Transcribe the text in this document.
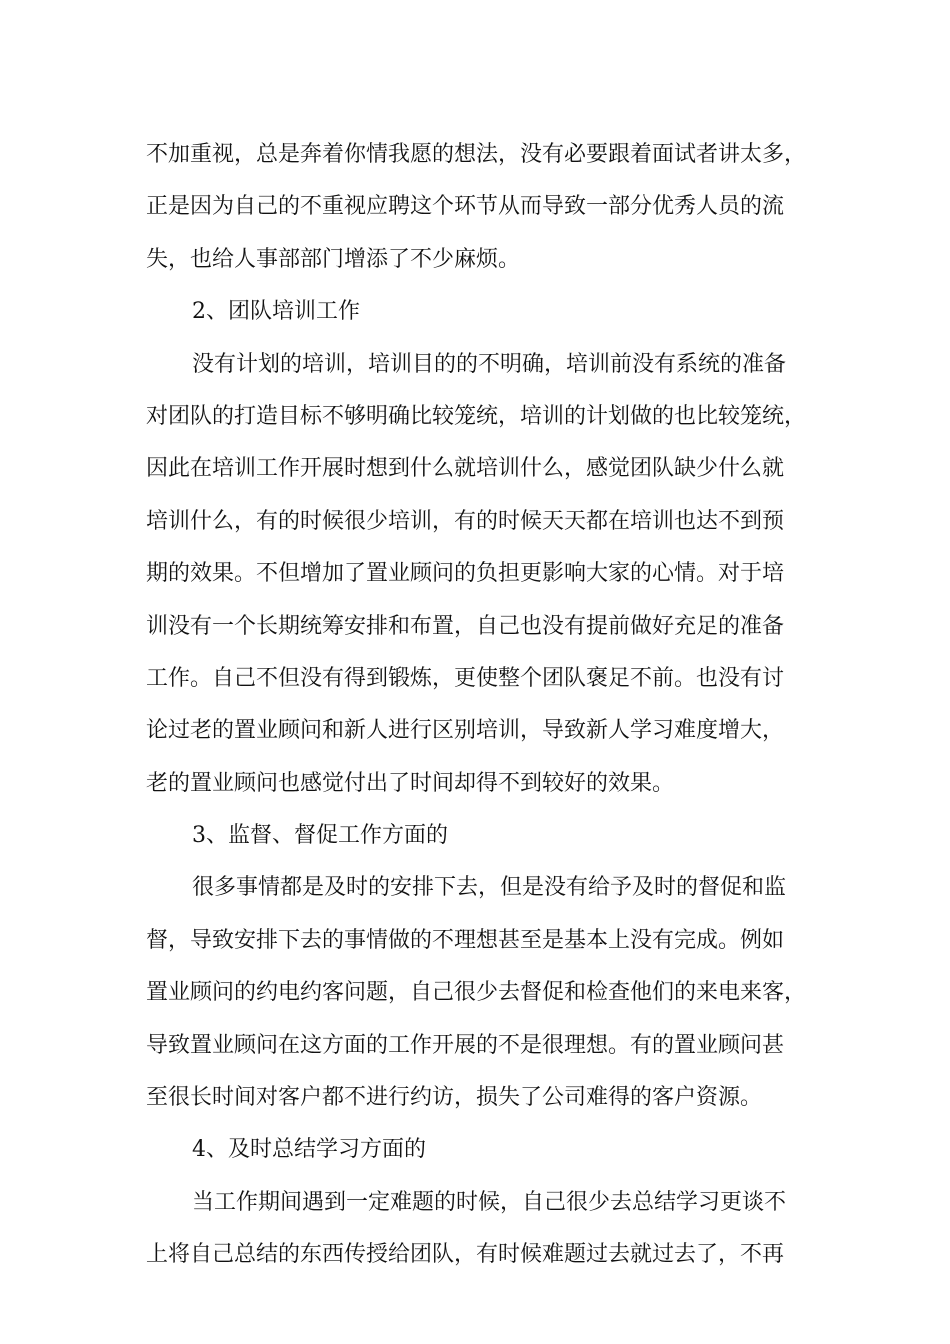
不加重视，总是奔着你情我愿的想法，没有必要跟着面试者讲太多，
正是因为自己的不重视应聘这个环节从而导致一部分优秀人员的流
失，也给人事部部门增添了不少麻烦。
2、团队培训工作
没有计划的培训，培训目的的不明确，培训前没有系统的准备
对团队的打造目标不够明确比较笼统，培训的计划做的也比较笼统，
因此在培训工作开展时想到什么就培训什么，感觉团队缺少什么就
培训什么，有的时候很少培训，有的时候天天都在培训也达不到预
期的效果。不但增加了置业顾问的负担更影响大家的心情。对于培
训没有一个长期统筹安排和布置，自己也没有提前做好充足的准备
工作。自己不但没有得到锻炼，更使整个团队褒足不前。也没有讨
论过老的置业顾问和新人进行区别培训，导致新人学习难度增大，
老的置业顾问也感觉付出了时间却得不到较好的效果。
3、监督、督促工作方面的
很多事情都是及时的安排下去，但是没有给予及时的督促和监
督，导致安排下去的事情做的不理想甚至是基本上没有完成。例如
置业顾问的约电约客问题，自己很少去督促和检查他们的来电来客，
导致置业顾问在这方面的工作开展的不是很理想。有的置业顾问甚
至很长时间对客户都不进行约访，损失了公司难得的客户资源。
4、及时总结学习方面的
当工作期间遇到一定难题的时候，自己很少去总结学习更谈不
上将自己总结的东西传授给团队，有时候难题过去就过去了，不再
